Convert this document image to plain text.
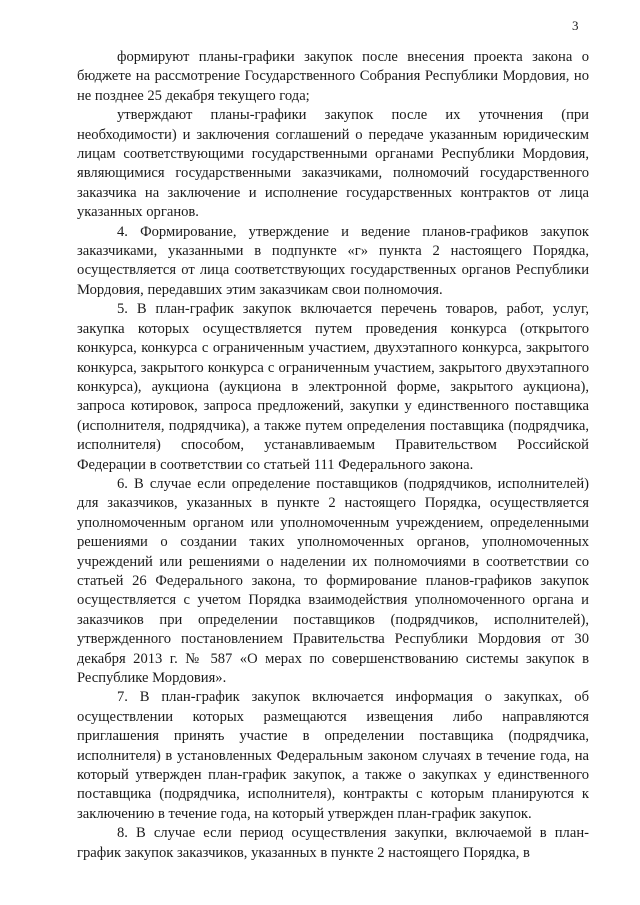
3

формируют планы-графики закупок после внесения проекта закона о бюджете на рассмотрение Государственного Собрания Республики Мордовия, но не позднее 25 декабря текущего года;

утверждают планы-графики закупок после их уточнения (при необходимости) и заключения соглашений о передаче указанным юридическим лицам соответствующими государственными органами Республики Мордовия, являющимися государственными заказчиками, полномочий государственного заказчика на заключение и исполнение государственных контрактов от лица указанных органов.

4. Формирование, утверждение и ведение планов-графиков закупок заказчиками, указанными в подпункте «г» пункта 2 настоящего Порядка, осуществляется от лица соответствующих государственных органов Республики Мордовия, передавших этим заказчикам свои полномочия.

5. В план-график закупок включается перечень товаров, работ, услуг, закупка которых осуществляется путем проведения конкурса (открытого конкурса, конкурса с ограниченным участием, двухэтапного конкурса, закрытого конкурса, закрытого конкурса с ограниченным участием, закрытого двухэтапного конкурса), аукциона (аукциона в электронной форме, закрытого аукциона), запроса котировок, запроса предложений, закупки у единственного поставщика (исполнителя, подрядчика), а также путем определения поставщика (подрядчика, исполнителя) способом, устанавливаемым Правительством Российской Федерации в соответствии со статьей 111 Федерального закона.

6. В случае если определение поставщиков (подрядчиков, исполнителей) для заказчиков, указанных в пункте 2 настоящего Порядка, осуществляется уполномоченным органом или уполномоченным учреждением, определенными решениями о создании таких уполномоченных органов, уполномоченных учреждений или решениями о наделении их полномочиями в соответствии со статьей 26 Федерального закона, то формирование планов-графиков закупок осуществляется с учетом Порядка взаимодействия уполномоченного органа и заказчиков при определении поставщиков (подрядчиков, исполнителей), утвержденного постановлением Правительства Республики Мордовия от 30 декабря 2013 г. № 587 «О мерах по совершенствованию системы закупок в Республике Мордовия».

7. В план-график закупок включается информация о закупках, об осуществлении которых размещаются извещения либо направляются приглашения принять участие в определении поставщика (подрядчика, исполнителя) в установленных Федеральным законом случаях в течение года, на который утвержден план-график закупок, а также о закупках у единственного поставщика (подрядчика, исполнителя), контракты с которым планируются к заключению в течение года, на который утвержден план-график закупок.

8. В случае если период осуществления закупки, включаемой в план-график закупок заказчиков, указанных в пункте 2 настоящего Порядка, в
